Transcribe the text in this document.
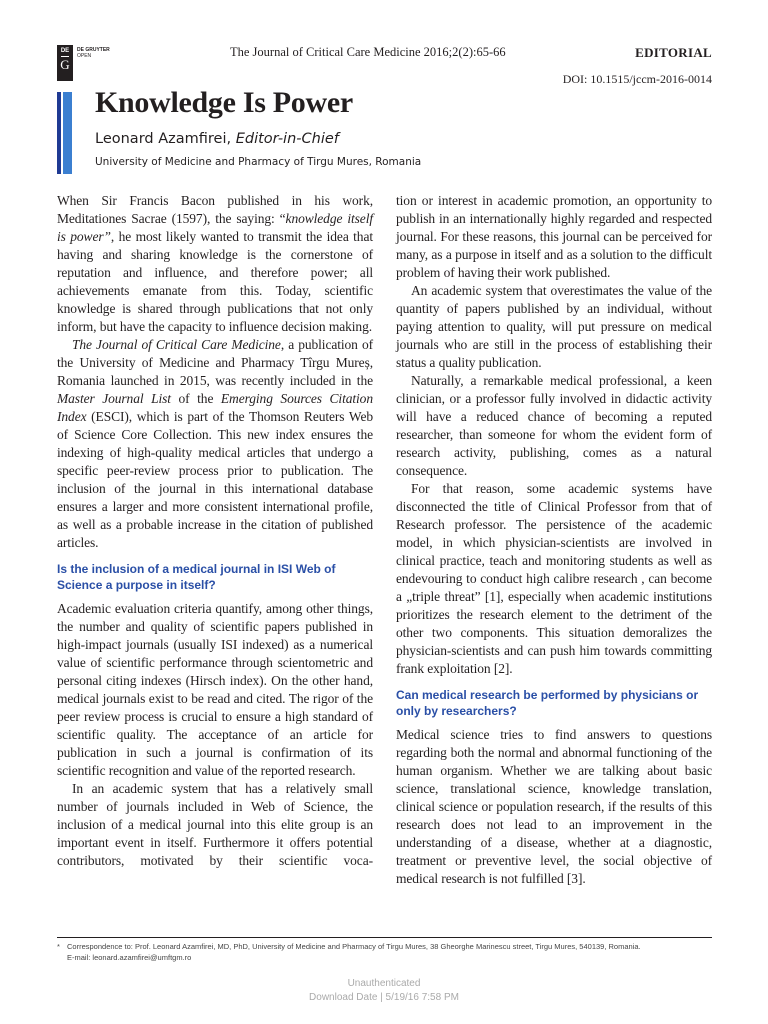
DE
G
DE GRUYTER
OPEN	The Journal of Critical Care Medicine 2016;2(2):65-66	EDITORIAL
DOI: 10.1515/jccm-2016-0014
Knowledge Is Power
Leonard Azamfirei, Editor-in-Chief
University of Medicine and Pharmacy of Tirgu Mures, Romania

When Sir Francis Bacon published in his work, Meditationes Sacrae (1597), the saying: “knowledge itself is power”, he most likely wanted to transmit the idea that having and sharing knowledge is the cornerstone of reputation and influence, and therefore power; all achievements emanate from this. Today, scientific knowledge is shared through publications that not only inform, but have the capacity to influence decision making.

The Journal of Critical Care Medicine, a publication of the University of Medicine and Pharmacy Tîrgu Mureș, Romania launched in 2015, was recently included in the Master Journal List of the Emerging Sources Citation Index (ESCI), which is part of the Thomson Reuters Web of Science Core Collection. This new index ensures the indexing of high-quality medical articles that undergo a specific peer-review process prior to publication. The inclusion of the journal in this international database ensures a larger and more consistent international profile, as well as a probable increase in the citation of published articles.

Is the inclusion of a medical journal in ISI Web of Science a purpose in itself?

Academic evaluation criteria quantify, among other things, the number and quality of scientific papers published in high-impact journals (usually ISI indexed) as a numerical value of scientific performance through scientometric and personal citing indexes (Hirsch index). On the other hand, medical journals exist to be read and cited. The rigor of the peer review process is crucial to ensure a high standard of scientific quality. The acceptance of an article for publication in such a journal is confirmation of its scientific recognition and value of the reported research.

In an academic system that has a relatively small number of journals included in Web of Science, the inclusion of a medical journal into this elite group is an important event in itself. Furthermore it offers potential contributors, motivated by their scientific voca-

tion or interest in academic promotion, an opportunity to publish in an internationally highly regarded and respected journal. For these reasons, this journal can be perceived for many, as a purpose in itself and as a solution to the difficult problem of having their work published.

An academic system that overestimates the value of the quantity of papers published by an individual, without paying attention to quality, will put pressure on medical journals who are still in the process of establishing their status a quality publication.

Naturally, a remarkable medical professional, a keen clinician, or a professor fully involved in didactic activity will have a reduced chance of becoming a reputed researcher, than someone for whom the evident form of research activity, publishing, comes as a natural consequence.

For that reason, some academic systems have disconnected the title of Clinical Professor from that of Research professor. The persistence of the academic model, in which physician-scientists are involved in clinical practice, teach and monitoring students as well as endevouring to conduct high calibre research , can become a „triple threat” [1], especially when academic institutions prioritizes the research element to the detriment of the other two components. This situation demoralizes the physician-scientists and can push him towards committing frank exploitation [2].

Can medical research be performed by physicians or only by researchers?

Medical science tries to find answers to questions regarding both the normal and abnormal functioning of the human organism. Whether we are talking about basic science, translational science, knowledge translation, clinical science or population research, if the results of this research does not lead to an improvement in the understanding of a disease, whether at a diagnostic, treatment or preventive level, the social objective of medical research is not fulfilled [3].

* Correspondence to: Prof. Leonard Azamfirei, MD, PhD, University of Medicine and Pharmacy of Tirgu Mures, 38 Gheorghe Marinescu street, Tirgu Mures, 540139, Romania.
E-mail: leonard.azamfirei@umftgm.ro
Unauthenticated
Download Date | 5/19/16 7:58 PM
